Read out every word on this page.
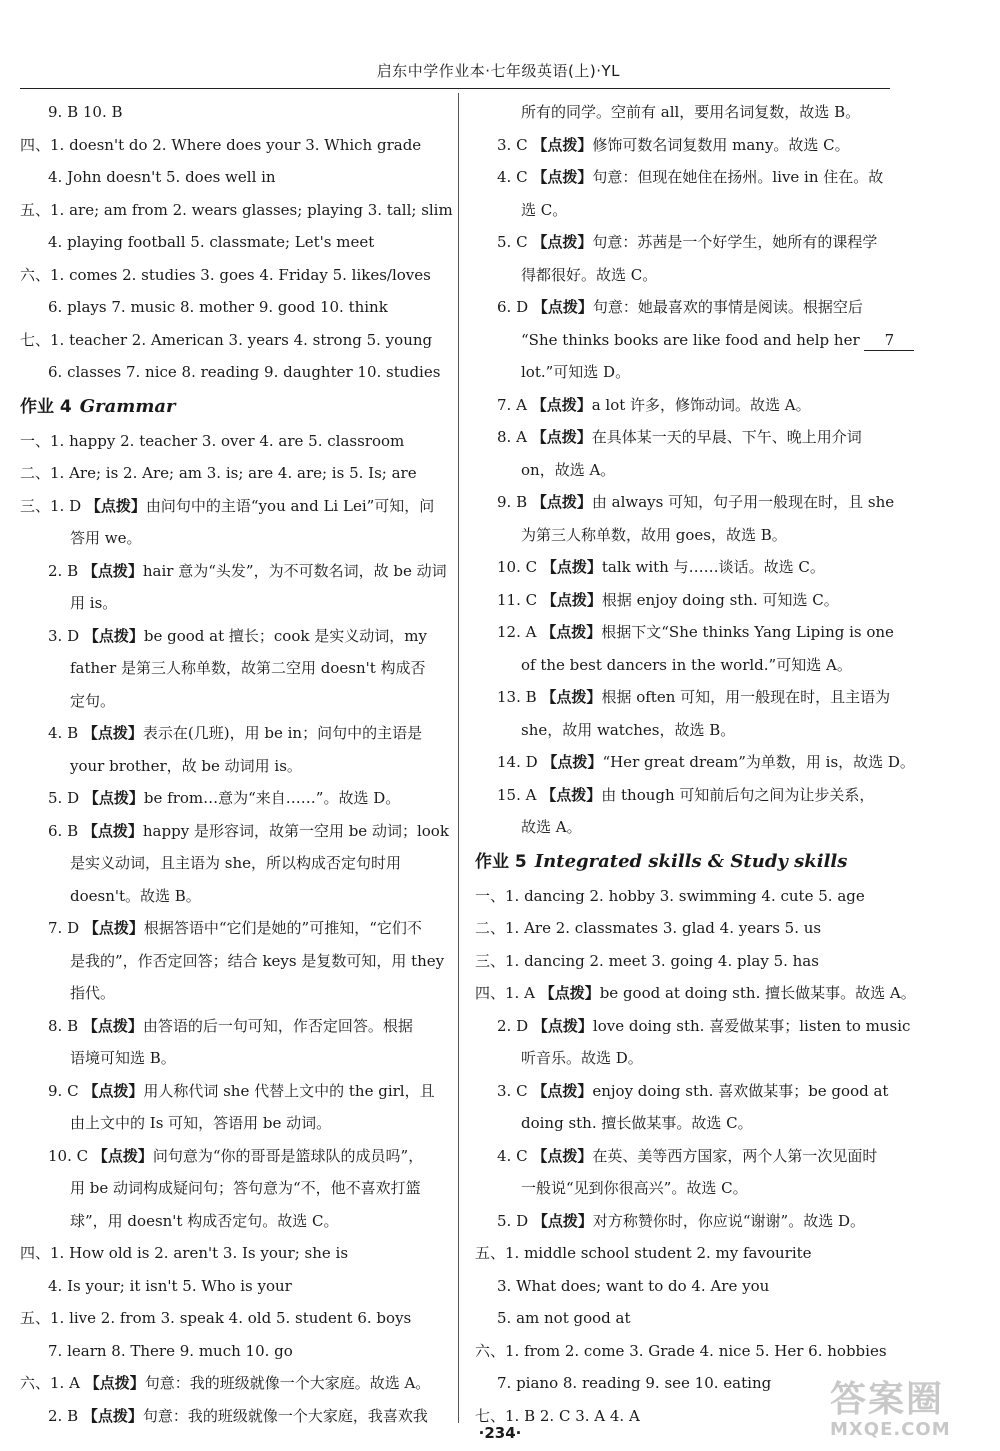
启东中学作业本·七年级英语(上)·YL
9. B 10. B
四、1. doesn't do 2. Where does your 3. Which grade
4. John doesn't 5. does well in
五、1. are; am from 2. wears glasses; playing 3. tall; slim
4. playing football 5. classmate; Let's meet
六、1. comes 2. studies 3. goes 4. Friday 5. likes/loves
6. plays 7. music 8. mother 9. good 10. think
七、1. teacher 2. American 3. years 4. strong 5. young
6. classes 7. nice 8. reading 9. daughter 10. studies
作业 4 Grammar
一、1. happy 2. teacher 3. over 4. are 5. classroom
二、1. Are; is 2. Are; am 3. is; are 4. are; is 5. Is; are
三、1. D 【点拨】由问句中的主语“you and Li Lei”可知，问
答用 we。
2. B 【点拨】hair 意为“头发”，为不可数名词，故 be 动词
用 is。
3. D 【点拨】be good at 擅长；cook 是实义动词，my
father 是第三人称单数，故第二空用 doesn't 构成否
定句。
4. B 【点拨】表示在(几班)，用 be in；问句中的主语是
your brother，故 be 动词用 is。
5. D 【点拨】be from…意为“来自……”。故选 D。
6. B 【点拨】happy 是形容词，故第一空用 be 动词；look
是实义动词，且主语为 she，所以构成否定句时用
doesn't。故选 B。
7. D 【点拨】根据答语中“它们是她的”可推知，“它们不
是我的”，作否定回答；结合 keys 是复数可知，用 they
指代。
8. B 【点拨】由答语的后一句可知，作否定回答。根据
语境可知选 B。
9. C 【点拨】用人称代词 she 代替上文中的 the girl，且
由上文中的 Is 可知，答语用 be 动词。
10. C 【点拨】问句意为“你的哥哥是篮球队的成员吗”，
用 be 动词构成疑问句；答句意为“不，他不喜欢打篮
球”，用 doesn't 构成否定句。故选 C。
四、1. How old is 2. aren't 3. Is your; she is
4. Is your; it isn't 5. Who is your
五、1. live 2. from 3. speak 4. old 5. student 6. boys
7. learn 8. There 9. much 10. go
六、1. A 【点拨】句意：我的班级就像一个大家庭。故选 A。
2. B 【点拨】句意：我的班级就像一个大家庭，我喜欢我
所有的同学。空前有 all，要用名词复数，故选 B。
3. C 【点拨】修饰可数名词复数用 many。故选 C。
4. C 【点拨】句意：但现在她住在扬州。live in 住在。故
选 C。
5. C 【点拨】句意：苏茜是一个好学生，她所有的课程学
得都很好。故选 C。
6. D 【点拨】句意：她最喜欢的事情是阅读。根据空后
“She thinks books are like food and help her 7
lot.”可知选 D。
7. A 【点拨】a lot 许多，修饰动词。故选 A。
8. A 【点拨】在具体某一天的早晨、下午、晚上用介词
on，故选 A。
9. B 【点拨】由 always 可知，句子用一般现在时，且 she
为第三人称单数，故用 goes，故选 B。
10. C 【点拨】talk with 与……谈话。故选 C。
11. C 【点拨】根据 enjoy doing sth. 可知选 C。
12. A 【点拨】根据下文“She thinks Yang Liping is one
of the best dancers in the world.”可知选 A。
13. B 【点拨】根据 often 可知，用一般现在时，且主语为
she，故用 watches，故选 B。
14. D 【点拨】“Her great dream”为单数，用 is，故选 D。
15. A 【点拨】由 though 可知前后句之间为让步关系，
故选 A。
作业 5 Integrated skills & Study skills
一、1. dancing 2. hobby 3. swimming 4. cute 5. age
二、1. Are 2. classmates 3. glad 4. years 5. us
三、1. dancing 2. meet 3. going 4. play 5. has
四、1. A 【点拨】be good at doing sth. 擅长做某事。故选 A。
2. D 【点拨】love doing sth. 喜爱做某事；listen to music
听音乐。故选 D。
3. C 【点拨】enjoy doing sth. 喜欢做某事；be good at
doing sth. 擅长做某事。故选 C。
4. C 【点拨】在英、美等西方国家，两个人第一次见面时
一般说“见到你很高兴”。故选 C。
5. D 【点拨】对方称赞你时，你应说“谢谢”。故选 D。
五、1. middle school student 2. my favourite
3. What does; want to do 4. Are you
5. am not good at
六、1. from 2. come 3. Grade 4. nice 5. Her 6. hobbies
7. piano 8. reading 9. see 10. eating
七、1. B 2. C 3. A 4. A
·234·
答案圈
MXQE.COM
